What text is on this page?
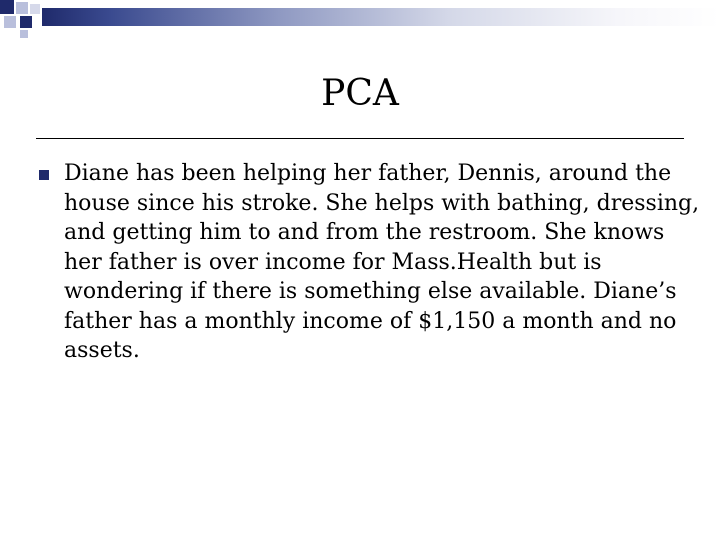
PCA

Diane has been helping her father, Dennis, around the house since his stroke. She helps with bathing, dressing, and getting him to and from the restroom. She knows her father is over income for Mass.Health but is wondering if there is something else available. Diane’s father has a monthly income of $1,150 a month and no assets.
